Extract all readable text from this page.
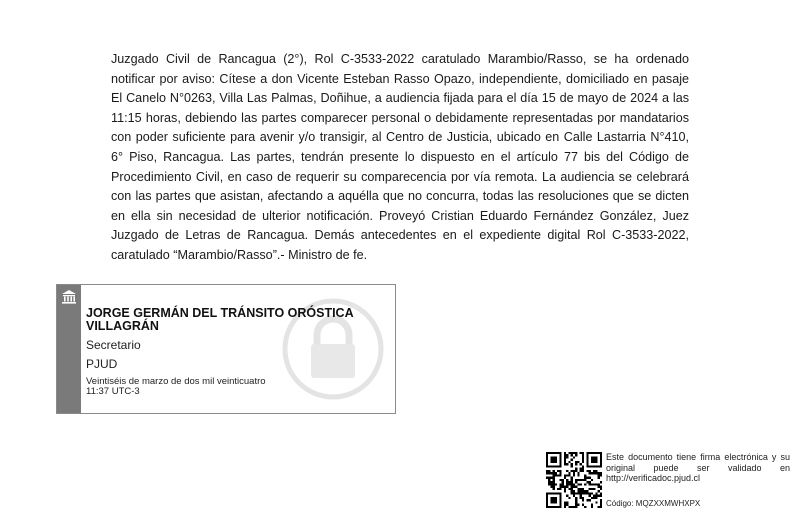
Juzgado Civil de Rancagua (2°), Rol C-3533-2022 caratulado Marambio/Rasso, se ha ordenado notificar por aviso: Cítese a don Vicente Esteban Rasso Opazo, independiente, domiciliado en pasaje El Canelo N°0263, Villa Las Palmas, Doñihue, a audiencia fijada para el día 15 de mayo de 2024 a las 11:15 horas, debiendo las partes comparecer personal o debidamente representadas por mandatarios con poder suficiente para avenir y/o transigir, al Centro de Justicia, ubicado en Calle Lastarria N°410, 6° Piso, Rancagua. Las partes, tendrán presente lo dispuesto en el artículo 77 bis del Código de Procedimiento Civil, en caso de requerir su comparecencia por vía remota. La audiencia se celebrará con las partes que asistan, afectando a aquélla que no concurra, todas las resoluciones que se dicten en ella sin necesidad de ulterior notificación. Proveyó Cristian Eduardo Fernández González, Juez Juzgado de Letras de Rancagua. Demás antecedentes en el expediente digital Rol C-3533-2022, caratulado “Marambio/Rasso”.- Ministro de fe.
JORGE GERMÁN DEL TRÁNSITO ORÓSTICA VILLAGRÁN
Secretario
PJUD
Veintiséis de marzo de dos mil veinticuatro
11:37 UTC-3
Este documento tiene firma electrónica y su original puede ser validado en http://verificadoc.pjud.cl
Código: MQZXXMWHXPX
